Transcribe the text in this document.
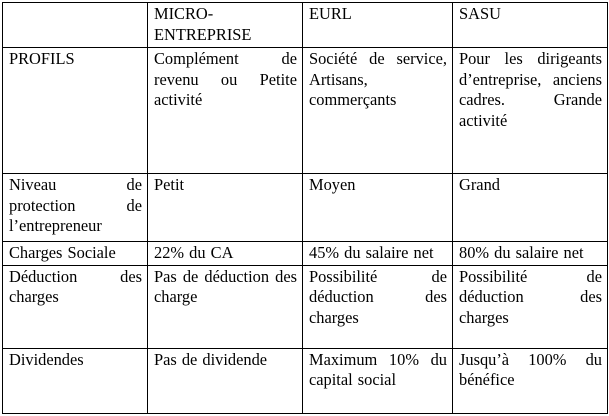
	MICRO-ENTREPRISE	EURL	SASU
PROFILS	Complément de revenu ou Petite activité	Société de service, Artisans, commerçants	Pour les dirigeants d’entreprise, anciens cadres. Grande activité
Niveau de protection de l’entrepreneur	Petit	Moyen	Grand
Charges Sociale	22% du CA	45% du salaire net	80% du salaire net
Déduction des charges	Pas de déduction des charge	Possibilité de déduction des charges	Possibilité de déduction des charges
Dividendes	Pas de dividende	Maximum 10% du capital social	Jusqu’à 100% du bénéfice
